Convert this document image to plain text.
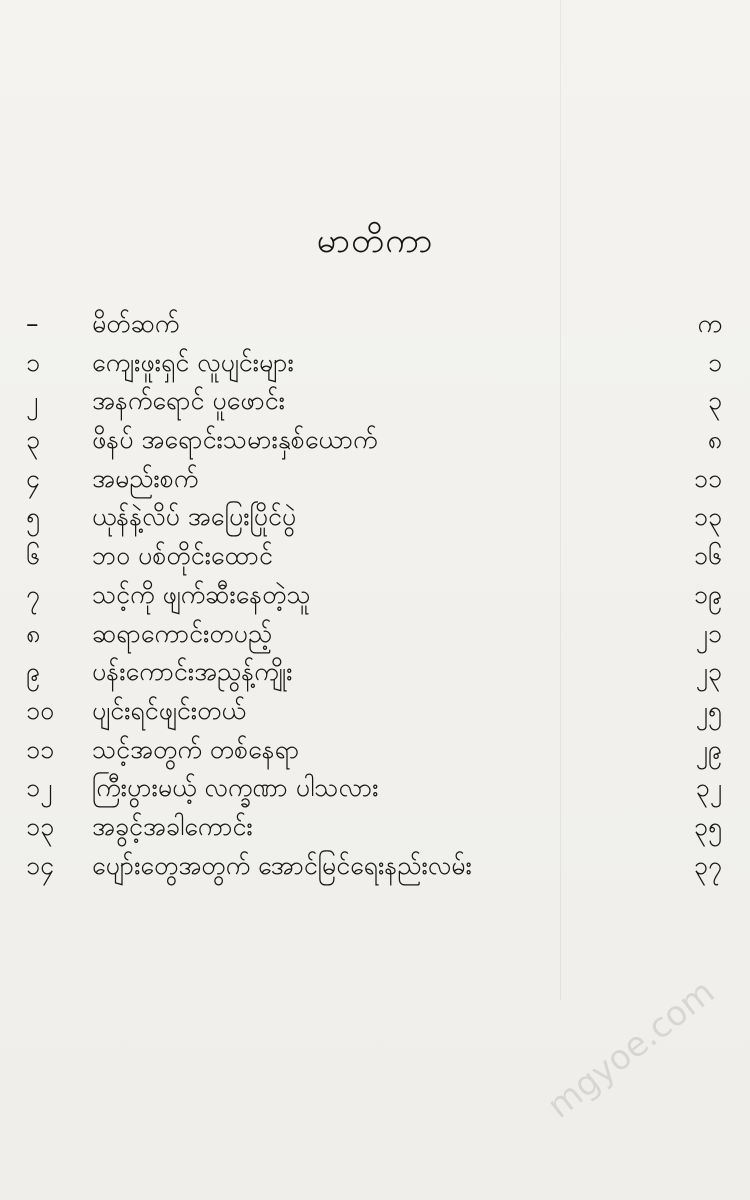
မာတိကာ
–	မိတ်ဆက်	က
၁	ကျေးဖူးရှင် လူပျင်းများ	၁
၂	အနက်ရောင် ပူဖောင်း	၃
၃	ဖိနပ် အရောင်းသမားနှစ်ယောက်	၈
၄	အမည်းစက်	၁၁
၅	ယုန်နဲ့လိပ် အပြေးပြိုင်ပွဲ	၁၃
၆	ဘဝ ပစ်တိုင်းထောင်	၁၆
၇	သင့်ကို ဖျက်ဆီးနေတဲ့သူ	၁၉
၈	ဆရာကောင်းတပည့်	၂၁
၉	ပန်းကောင်းအညွန့်ကျိုး	၂၃
၁၀	ပျင်းရင်ဖျင်းတယ်	၂၅
၁၁	သင့်အတွက် တစ်နေရာ	၂၉
၁၂	ကြီးပွားမယ့် လက္ခဏာ ပါသလား	၃၂
၁၃	အခွင့်အခါကောင်း	၃၅
၁၄	ပျော်းတွေအတွက် အောင်မြင်ရေးနည်းလမ်း	၃၇
mgyoe.com
